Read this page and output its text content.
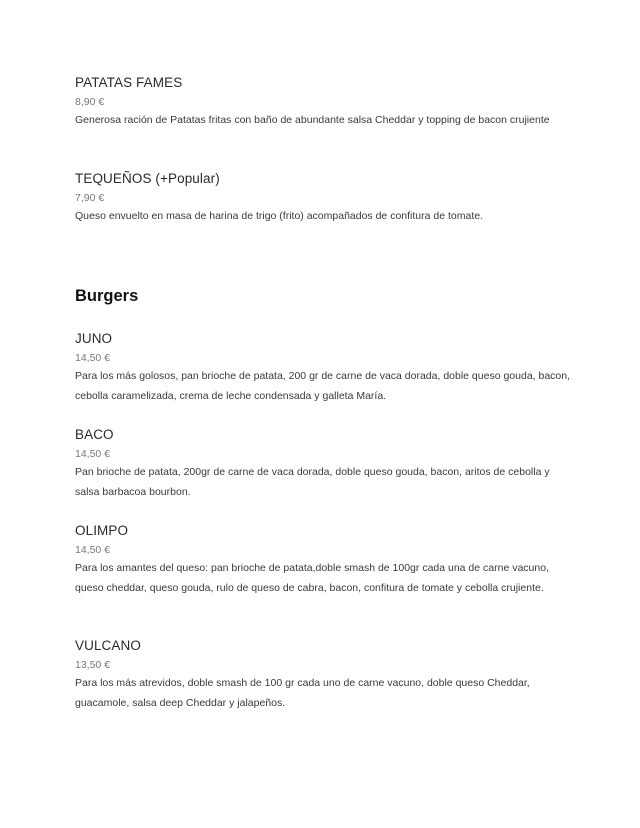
PATATAS FAMES
8,90 €
Generosa ración de Patatas fritas con baño de abundante salsa Cheddar y topping de bacon crujiente
TEQUEÑOS (+Popular)
7,90 €
Queso envuelto en masa de harina de trigo (frito) acompañados de confitura de tomate.
Burgers
JUNO
14,50 €
Para los más golosos, pan brioche de patata, 200 gr de carne de vaca dorada, doble queso gouda, bacon, cebolla caramelizada, crema de leche condensada y galleta María.
BACO
14,50 €
Pan brioche de patata, 200gr de carne de vaca dorada, doble queso gouda, bacon, aritos de cebolla y salsa barbacoa bourbon.
OLIMPO
14,50 €
Para los amantes del queso: pan brioche de patata,doble smash de 100gr cada una de carne vacuno, queso cheddar, queso gouda, rulo de queso de cabra, bacon, confitura de tomate y cebolla crujiente.
VULCANO
13,50 €
Para los más atrevidos, doble smash de 100 gr cada uno de carne vacuno, doble queso Cheddar, guacamole, salsa deep Cheddar y jalapeños.
